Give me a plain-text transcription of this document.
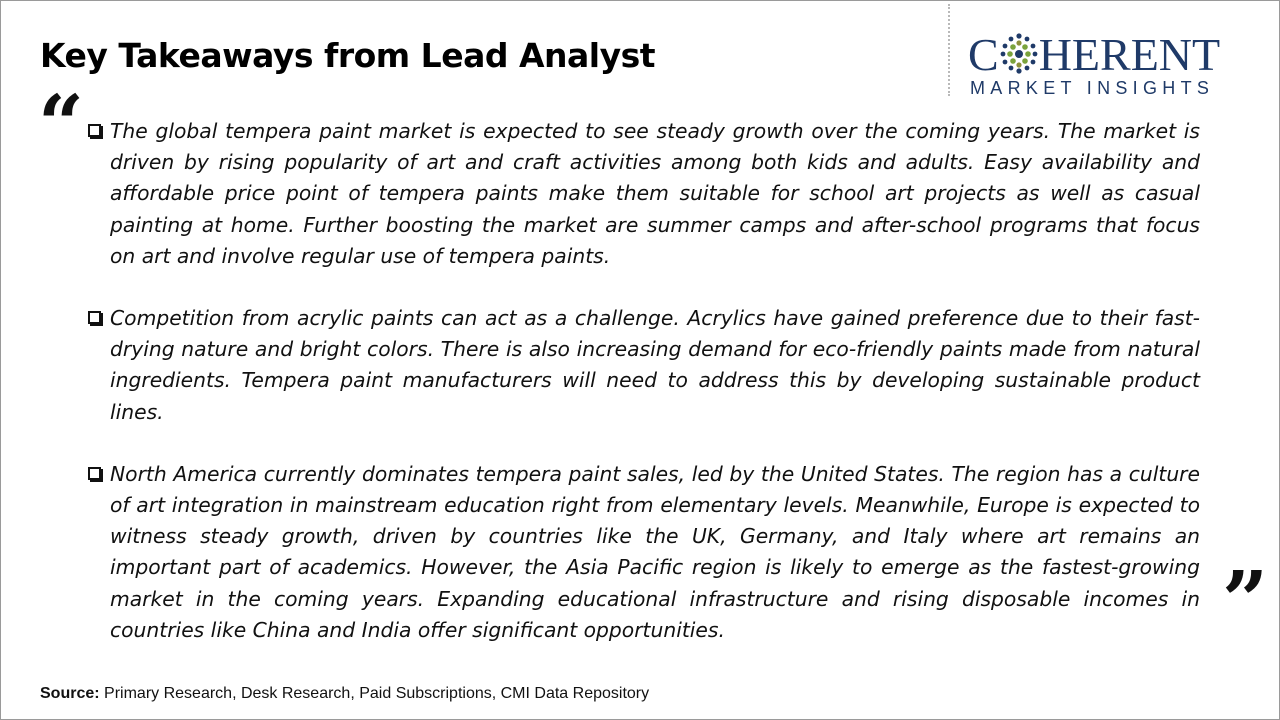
Key Takeaways from Lead Analyst	C HERENT
MARKET INSIGHTS
“	The global tempera paint market is expected to see steady growth over the coming years. The market is driven by rising popularity of art and craft activities among both kids and adults. Easy availability and affordable price point of tempera paints make them suitable for school art projects as well as casual painting at home. Further boosting the market are summer camps and after-school programs that focus on art and involve regular use of tempera paints.

Competition from acrylic paints can act as a challenge. Acrylics have gained preference due to their fast-drying nature and bright colors. There is also increasing demand for eco-friendly paints made from natural ingredients. Tempera paint manufacturers will need to address this by developing sustainable product lines.

North America currently dominates tempera paint sales, led by the United States. The region has a culture of art integration in mainstream education right from elementary levels. Meanwhile, Europe is expected to witness steady growth, driven by countries like the UK, Germany, and Italy where art remains an important part of academics. However, the Asia Pacific region is likely to emerge as the fastest-growing market in the coming years. Expanding educational infrastructure and rising disposable incomes in countries like China and India offer significant opportunities.	”
Source: Primary Research, Desk Research, Paid Subscriptions, CMI Data Repository
